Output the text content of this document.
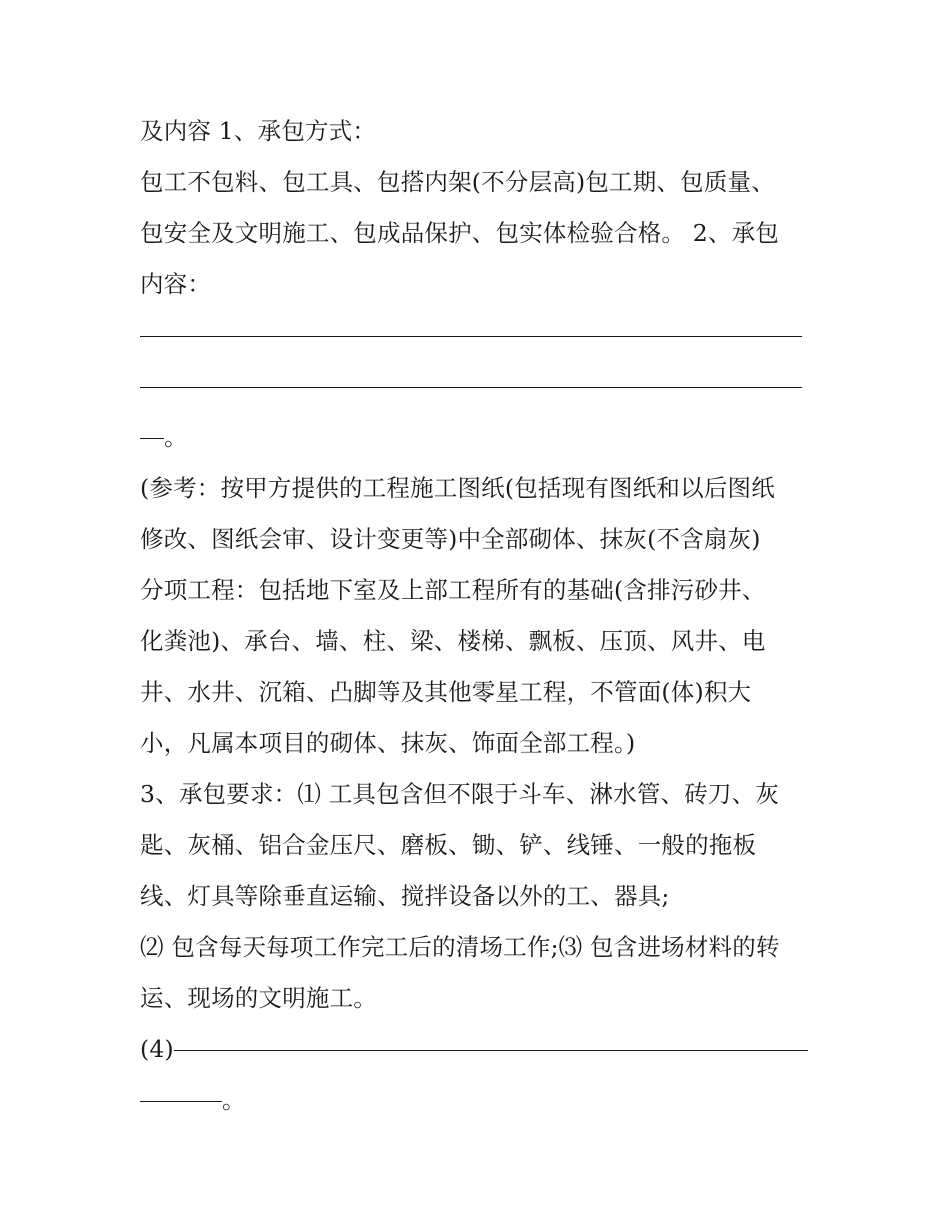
及内容 1、承包方式：
包工不包料、包工具、包搭内架(不分层高)包工期、包质量、
包安全及文明施工、包成品保护、包实体检验合格。 2、承包
内容：
。
(参考：按甲方提供的工程施工图纸(包括现有图纸和以后图纸
修改、图纸会审、设计变更等)中全部砌体、抹灰(不含扇灰)
分项工程：包括地下室及上部工程所有的基础(含排污砂井、
化粪池)、承台、墙、柱、梁、楼梯、飘板、压顶、风井、电
井、水井、沉箱、凸脚等及其他零星工程，不管面(体)积大
小，凡属本项目的砌体、抹灰、饰面全部工程。)
3、承包要求：⑴ 工具包含但不限于斗车、淋水管、砖刀、灰
匙、灰桶、铝合金压尺、磨板、锄、铲、线锤、一般的拖板
线、灯具等除垂直运输、搅拌设备以外的工、器具;
⑵ 包含每天每项工作完工后的清场工作;⑶ 包含进场材料的转
运、现场的文明施工。
(4)
。
